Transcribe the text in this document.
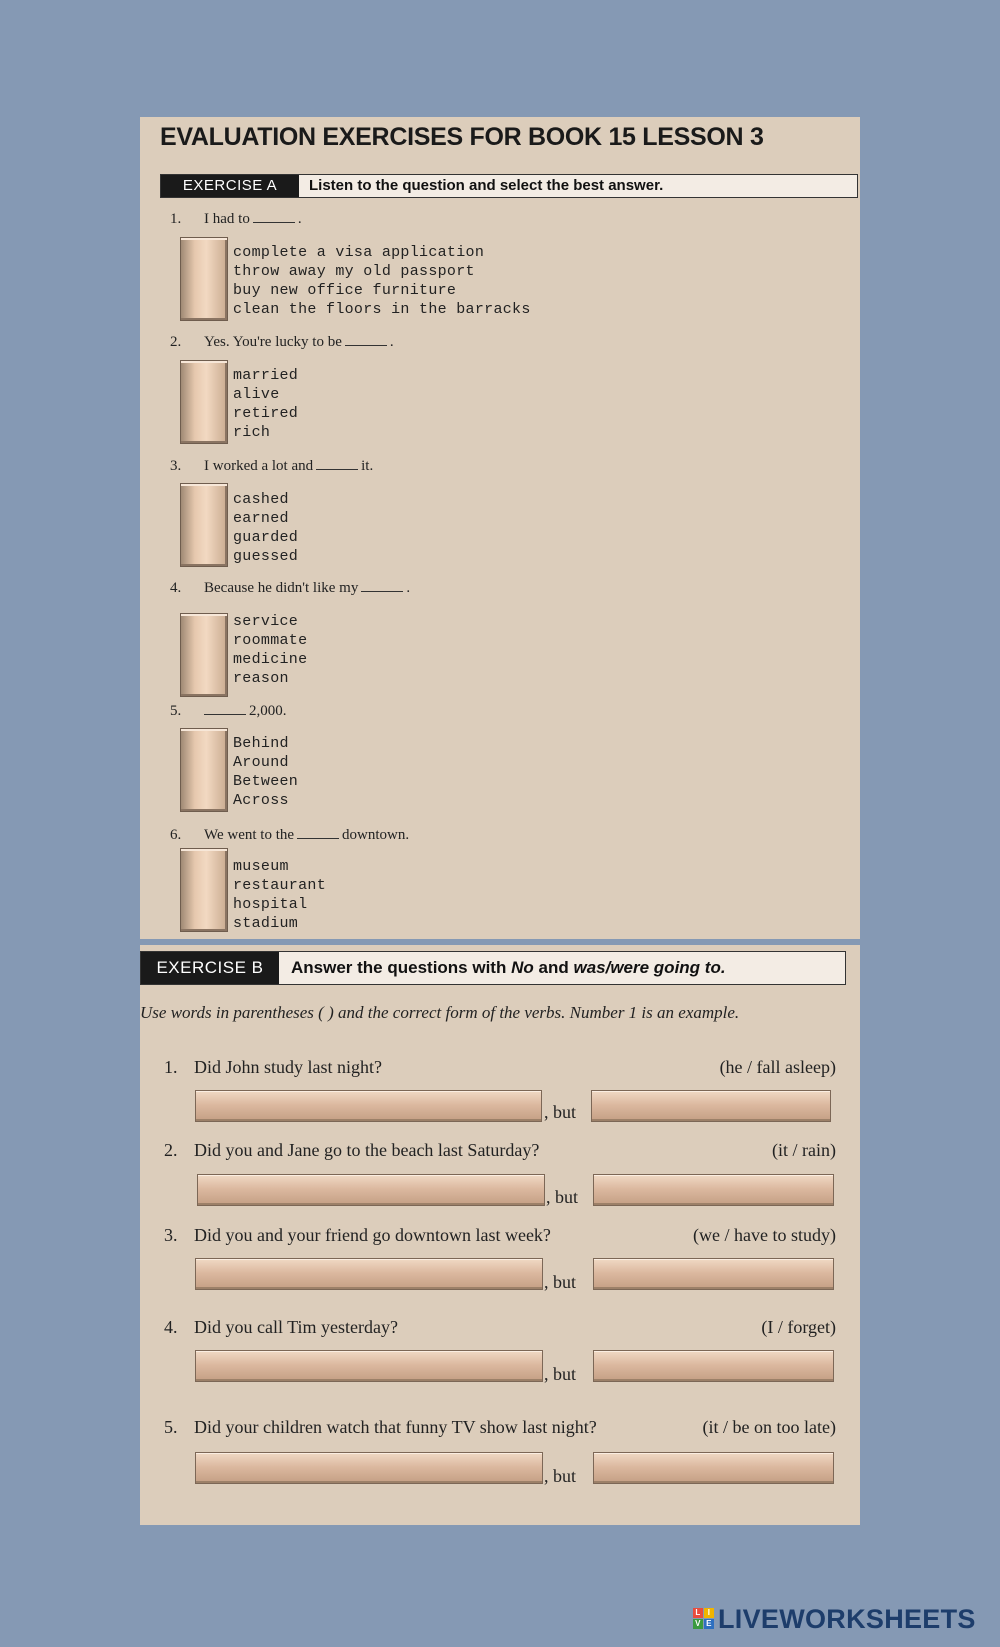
EVALUATION EXERCISES FOR BOOK 15 LESSON 3
EXERCISE A	Listen to the question and select the best answer.
1. I had to	.
complete a visa application
throw away my old passport
buy new office furniture
clean the floors in the barracks
2. Yes. You're lucky to be	.
married
alive
retired
rich
3. I worked a lot and	it.
cashed
earned
guarded
guessed
4. Because he didn't like my	.
service
roommate
medicine
reason
5.	2,000.
Behind
Around
Between
Across
6. We went to the	downtown.
museum
restaurant
hospital
stadium
EXERCISE B	Answer the questions with No and was/were going to.
Use words in parentheses ( ) and the correct form of the verbs. Number 1 is an example.
1. Did John study last night?	(he / fall asleep)
, but
2. Did you and Jane go to the beach last Saturday?	(it / rain)
, but
3. Did you and your friend go downtown last week?	(we / have to study)
, but
4. Did you call Tim yesterday?	(I / forget)
, but
5. Did your children watch that funny TV show last night?	(it / be on too late)
, but
L I
V E LIVEWORKSHEETS
